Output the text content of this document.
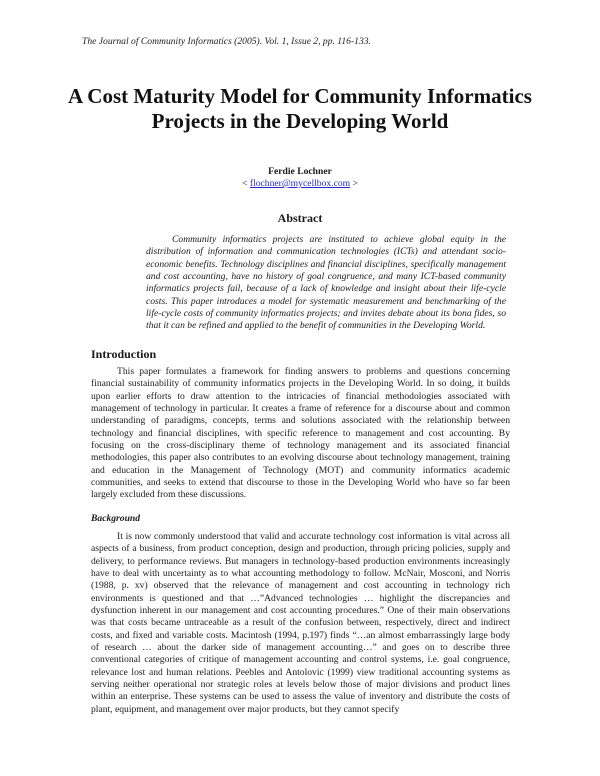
The Journal of Community Informatics (2005). Vol. 1, Issue 2, pp. 116-133.
A Cost Maturity Model for Community Informatics Projects in the Developing World
Ferdie Lochner
< flochner@mycellbox.com >
Abstract

Community informatics projects are instituted to achieve global equity in the distribution of information and communication technologies (ICTs) and attendant socio-economic benefits. Technology disciplines and financial disciplines, specifically management and cost accounting, have no history of goal congruence, and many ICT-based community informatics projects fail, because of a lack of knowledge and insight about their life-cycle costs. This paper introduces a model for systematic measurement and benchmarking of the life-cycle costs of community informatics projects; and invites debate about its bona fides, so that it can be refined and applied to the benefit of communities in the Developing World.

Introduction

This paper formulates a framework for finding answers to problems and questions concerning financial sustainability of community informatics projects in the Developing World. In so doing, it builds upon earlier efforts to draw attention to the intricacies of financial methodologies associated with management of technology in particular. It creates a frame of reference for a discourse about and common understanding of paradigms, concepts, terms and solutions associated with the relationship between technology and financial disciplines, with specific reference to management and cost accounting. By focusing on the cross-disciplinary theme of technology management and its associated financial methodologies, this paper also contributes to an evolving discourse about technology management, training and education in the Management of Technology (MOT) and community informatics academic communities, and seeks to extend that discourse to those in the Developing World who have so far been largely excluded from these discussions.

Background

It is now commonly understood that valid and accurate technology cost information is vital across all aspects of a business, from product conception, design and production, through pricing policies, supply and delivery, to performance reviews. But managers in technology-based production environments increasingly have to deal with uncertainty as to what accounting methodology to follow. McNair, Mosconi, and Norris (1988, p. xv) observed that the relevance of management and cost accounting in technology rich environments is questioned and that …”Advanced technologies … highlight the discrepancies and dysfunction inherent in our management and cost accounting procedures.” One of their main observations was that costs became untraceable as a result of the confusion between, respectively, direct and indirect costs, and fixed and variable costs. Macintosh (1994, p.197) finds “…an almost embarrassingly large body of research … about the darker side of management accounting…” and goes on to describe three conventional categories of critique of management accounting and control systems, i.e. goal congruence, relevance lost and human relations. Peebles and Antolovic (1999) view traditional accounting systems as serving neither operational nor strategic roles at levels below those of major divisions and product lines within an enterprise. These systems can be used to assess the value of inventory and distribute the costs of plant, equipment, and management over major products, but they cannot specify
